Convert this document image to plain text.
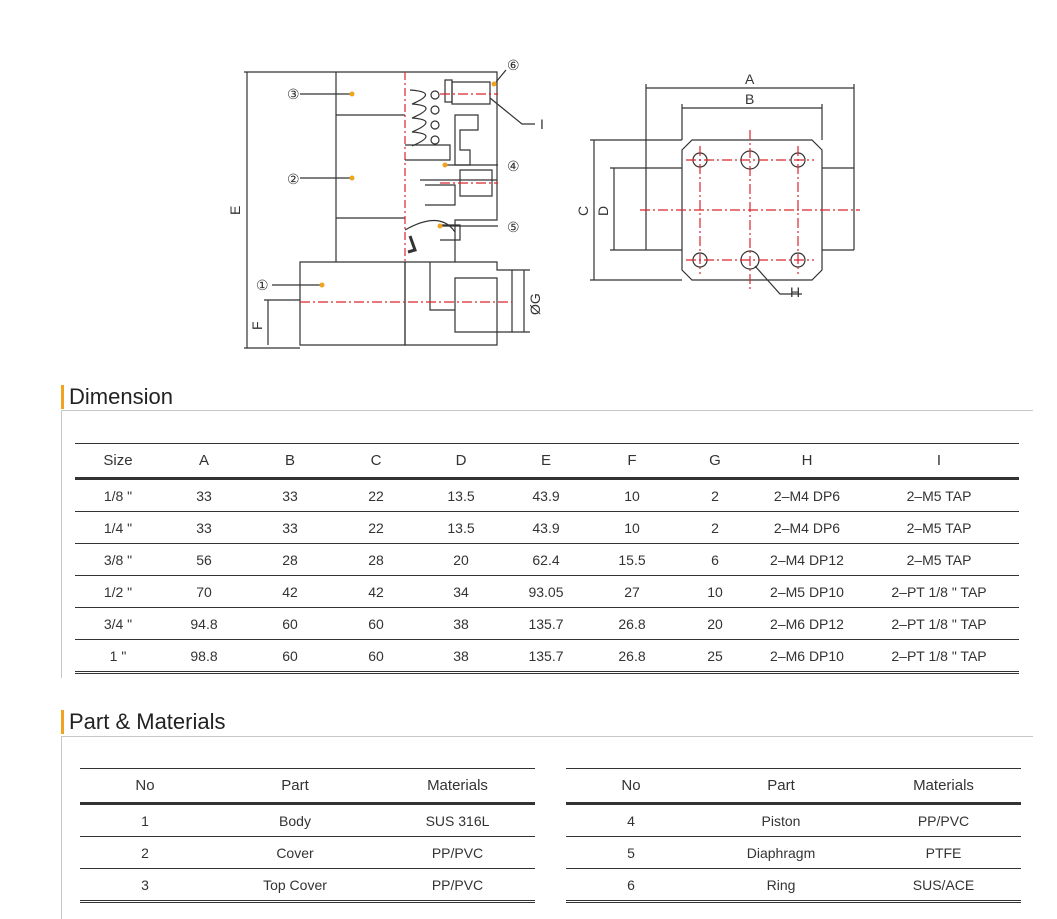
③
②
①
⑥
④
⑤
I
E
F
ØG
A
B
C D
H
Dimension
Size	A	B	C	D	E	F	G	H	I
1/8 "	33	33	22	13.5	43.9	10	2	2–M4 DP6	2–M5 TAP
1/4 "	33	33	22	13.5	43.9	10	2	2–M4 DP6	2–M5 TAP
3/8 "	56	28	28	20	62.4	15.5	6	2–M4 DP12	2–M5 TAP
1/2 "	70	42	42	34	93.05	27	10	2–M5 DP10	2–PT 1/8 " TAP
3/4 "	94.8	60	60	38	135.7	26.8	20	2–M6 DP12	2–PT 1/8 " TAP
1 "	98.8	60	60	38	135.7	26.8	25	2–M6 DP10	2–PT 1/8 " TAP
Part & Materials
No	Part	Materials
1	Body	SUS 316L
2	Cover	PP/PVC
3	Top Cover	PP/PVC
No	Part	Materials
4	Piston	PP/PVC
5	Diaphragm	PTFE
6	Ring	SUS/ACE
